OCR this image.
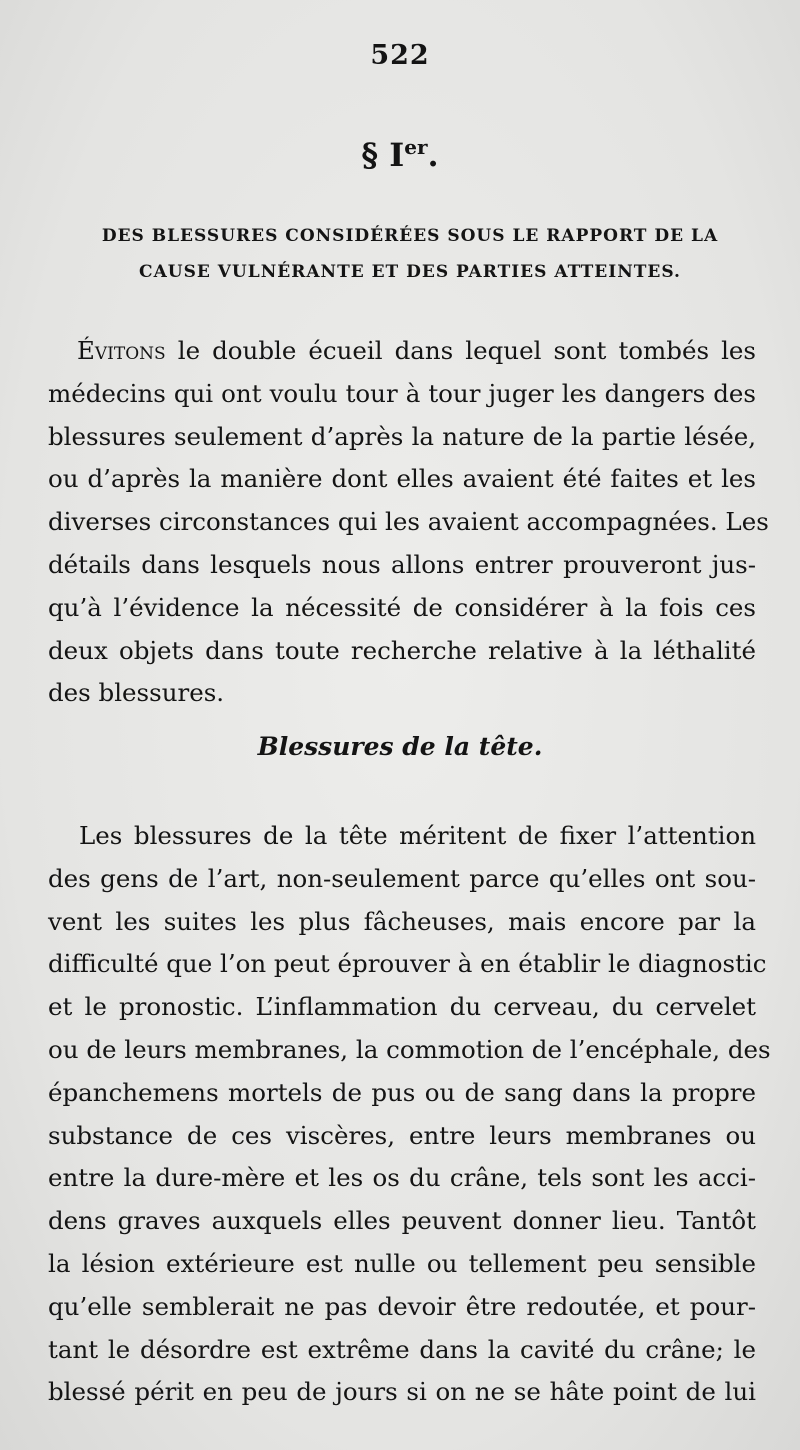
522
§ Ier.
DES BLESSURES CONSIDÉRÉES SOUS LE RAPPORT DE LA
CAUSE VULNÉRANTE ET DES PARTIES ATTEINTES.
Évitons le double écueil dans lequel sont tombés les
médecins qui ont voulu tour à tour juger les dangers des
blessures seulement d’après la nature de la partie lésée,
ou d’après la manière dont elles avaient été faites et les
diverses circonstances qui les avaient accompagnées. Les
détails dans lesquels nous allons entrer prouveront jus-
qu’à l’évidence la nécessité de considérer à la fois ces
deux objets dans toute recherche relative à la léthalité
des blessures.
Blessures de la tête.
Les blessures de la tête méritent de fixer l’attention
des gens de l’art, non-seulement parce qu’elles ont sou-
vent les suites les plus fâcheuses, mais encore par la
difficulté que l’on peut éprouver à en établir le diagnostic
et le pronostic. L’inflammation du cerveau, du cervelet
ou de leurs membranes, la commotion de l’encéphale, des
épanchemens mortels de pus ou de sang dans la propre
substance de ces viscères, entre leurs membranes ou
entre la dure-mère et les os du crâne, tels sont les acci-
dens graves auxquels elles peuvent donner lieu. Tantôt
la lésion extérieure est nulle ou tellement peu sensible
qu’elle semblerait ne pas devoir être redoutée, et pour-
tant le désordre est extrême dans la cavité du crâne; le
blessé périt en peu de jours si on ne se hâte point de lui
